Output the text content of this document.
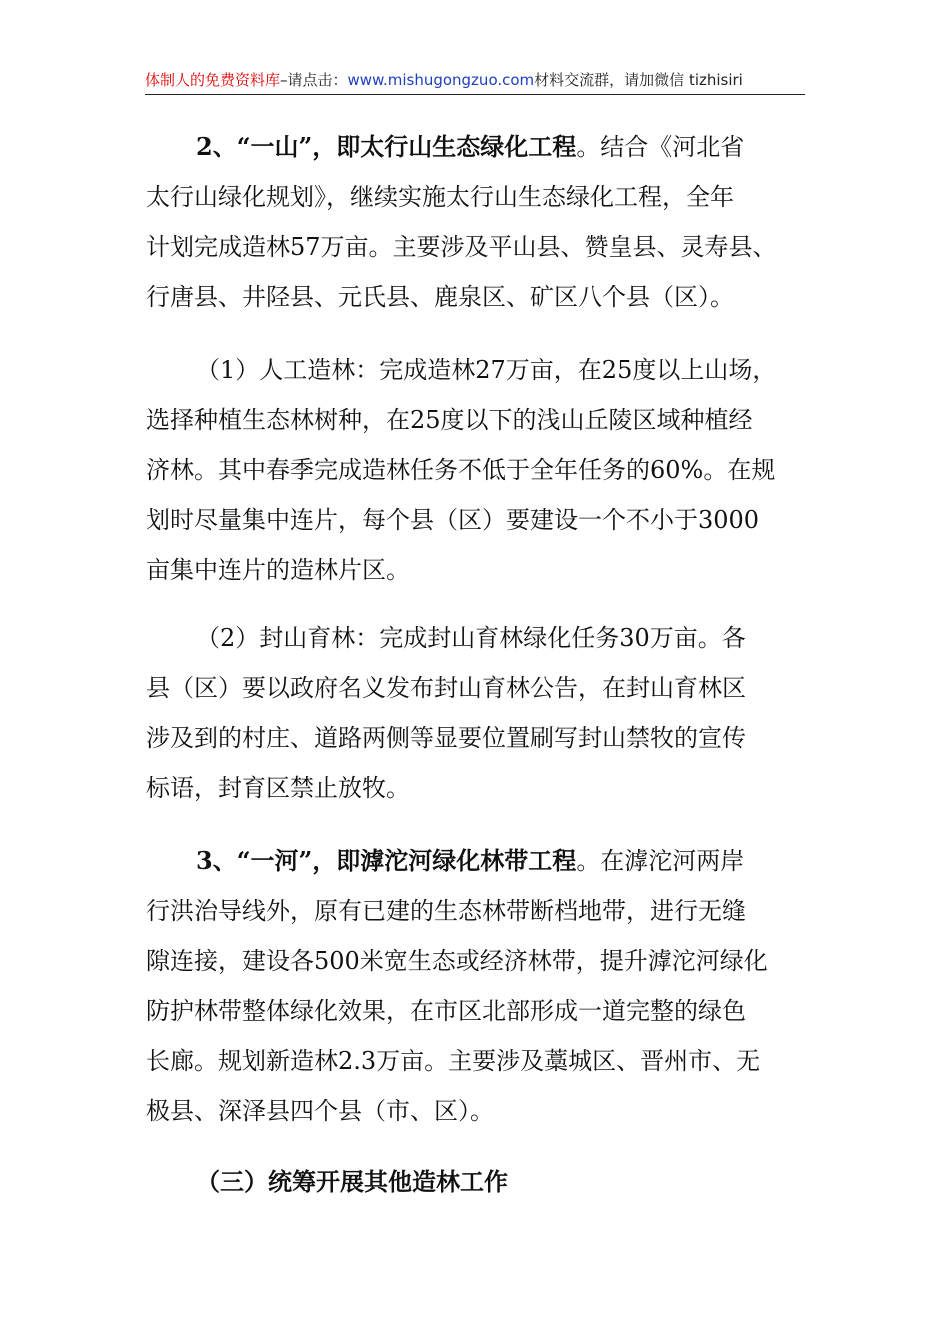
体制人的免费资料库–请点击：www.mishugongzuo.com材料交流群，请加微信 tizhisiri
2、“一山”，即太行山生态绿化工程。结合《河北省
太行山绿化规划》，继续实施太行山生态绿化工程，全年
计划完成造林57万亩。主要涉及平山县、赞皇县、灵寿县、
行唐县、井陉县、元氏县、鹿泉区、矿区八个县（区）。
（1）人工造林：完成造林27万亩，在25度以上山场，
选择种植生态林树种，在25度以下的浅山丘陵区域种植经
济林。其中春季完成造林任务不低于全年任务的60%。在规
划时尽量集中连片，每个县（区）要建设一个不小于3000
亩集中连片的造林片区。
（2）封山育林：完成封山育林绿化任务30万亩。各
县（区）要以政府名义发布封山育林公告，在封山育林区
涉及到的村庄、道路两侧等显要位置刷写封山禁牧的宣传
标语，封育区禁止放牧。
3、“一河”，即滹沱河绿化林带工程。在滹沱河两岸
行洪治导线外，原有已建的生态林带断档地带，进行无缝
隙连接，建设各500米宽生态或经济林带，提升滹沱河绿化
防护林带整体绿化效果，在市区北部形成一道完整的绿色
长廊。规划新造林2.3万亩。主要涉及藁城区、晋州市、无
极县、深泽县四个县（市、区）。
（三）统筹开展其他造林工作
